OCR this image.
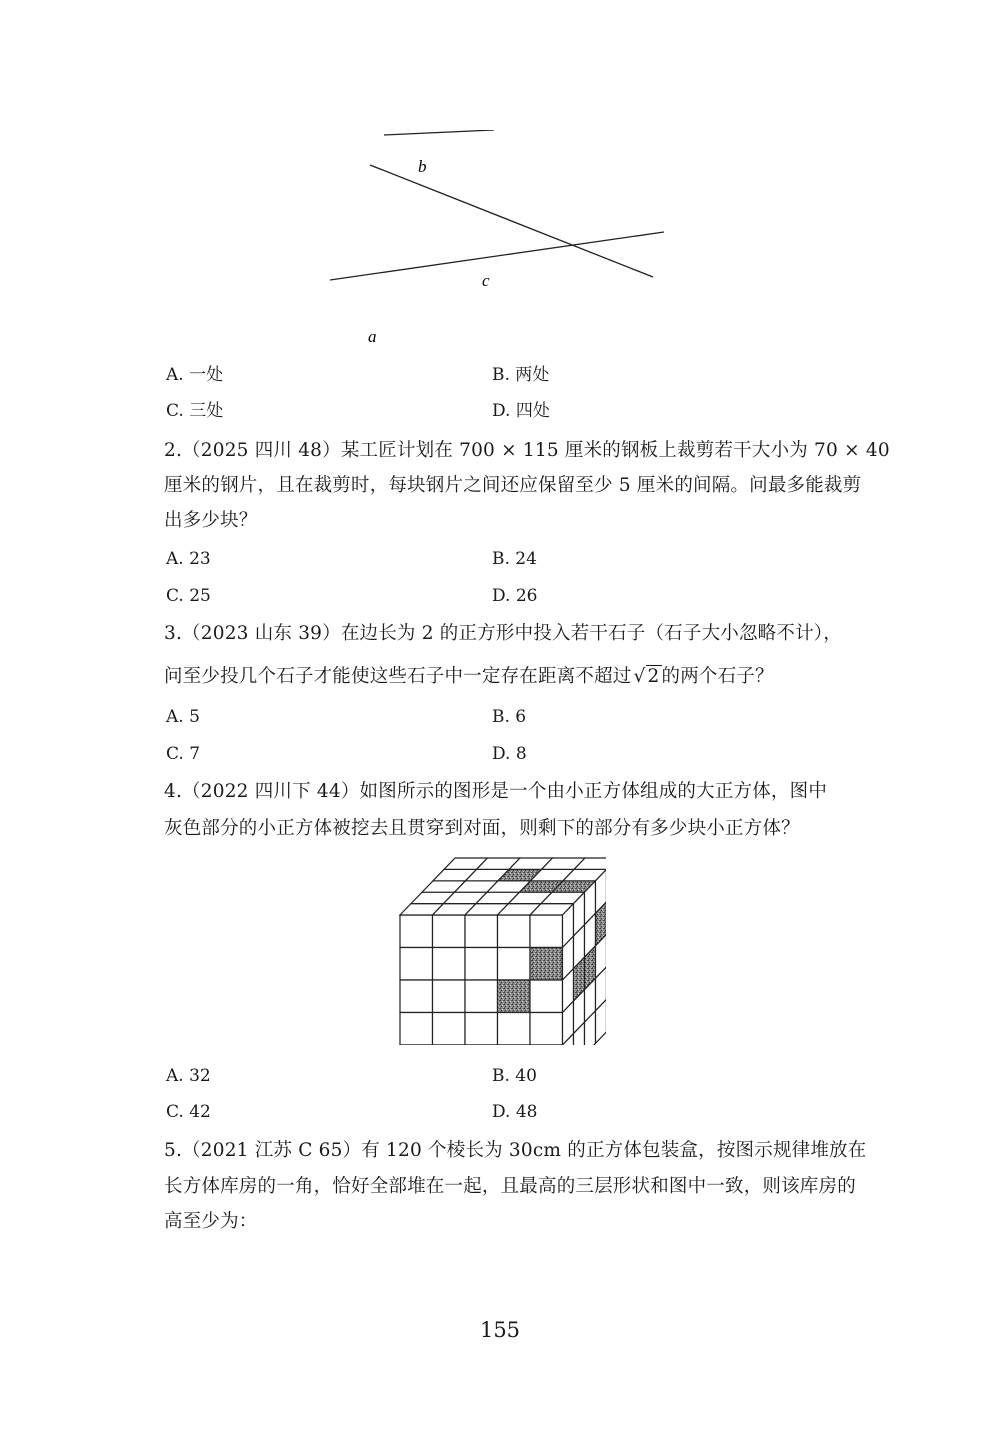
b
c
a
A. 一处	B. 两处
C. 三处	D. 四处
2.（2025 四川 48）某工匠计划在 700 × 115 厘米的钢板上裁剪若干大小为 70 × 40
厘米的钢片，且在裁剪时，每块钢片之间还应保留至少 5 厘米的间隔。问最多能裁剪
出多少块？
A. 23	B. 24
C. 25	D. 26
3.（2023 山东 39）在边长为 2 的正方形中投入若干石子（石子大小忽略不计），
问至少投几个石子才能使这些石子中一定存在距离不超过 √ 2 的两个石子？
A. 5	B. 6
C. 7	D. 8
4.（2022 四川下 44）如图所示的图形是一个由小正方体组成的大正方体，图中
灰色部分的小正方体被挖去且贯穿到对面，则剩下的部分有多少块小正方体？
A. 32	B. 40
C. 42	D. 48
5.（2021 江苏 C 65）有 120 个棱长为 30cm 的正方体包装盒，按图示规律堆放在
长方体库房的一角，恰好全部堆在一起，且最高的三层形状和图中一致，则该库房的
高至少为：
155
